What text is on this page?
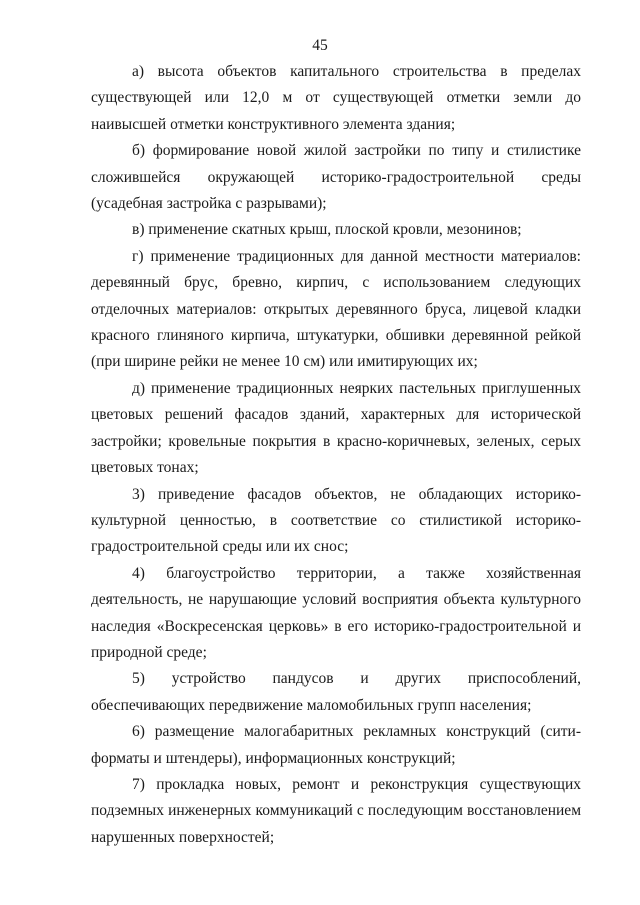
45

а) высота объектов капитального строительства в пределах существующей или 12,0 м от существующей отметки земли до наивысшей отметки конструктивного элемента здания;

б) формирование новой жилой застройки по типу и стилистике сложившейся окружающей историко-градостроительной среды (усадебная застройка с разрывами);

в) применение скатных крыш, плоской кровли, мезонинов;

г) применение традиционных для данной местности материалов: деревянный брус, бревно, кирпич, с использованием следующих отделочных материалов: открытых деревянного бруса, лицевой кладки красного глиняного кирпича, штукатурки, обшивки деревянной рейкой (при ширине рейки не менее 10 см) или имитирующих их;

д) применение традиционных неярких пастельных приглушенных цветовых решений фасадов зданий, характерных для исторической застройки; кровельные покрытия в красно-коричневых, зеленых, серых цветовых тонах;

3) приведение фасадов объектов, не обладающих историко-культурной ценностью, в соответствие со стилистикой историко-градостроительной среды или их снос;

4) благоустройство территории, а также хозяйственная деятельность, не нарушающие условий восприятия объекта культурного наследия «Воскресенская церковь» в его историко-градостроительной и природной среде;

5) устройство пандусов и других приспособлений, обеспечивающих передвижение маломобильных групп населения;

6) размещение малогабаритных рекламных конструкций (сити-форматы и штендеры), информационных конструкций;

7) прокладка новых, ремонт и реконструкция существующих подземных инженерных коммуникаций с последующим восстановлением нарушенных поверхностей;
